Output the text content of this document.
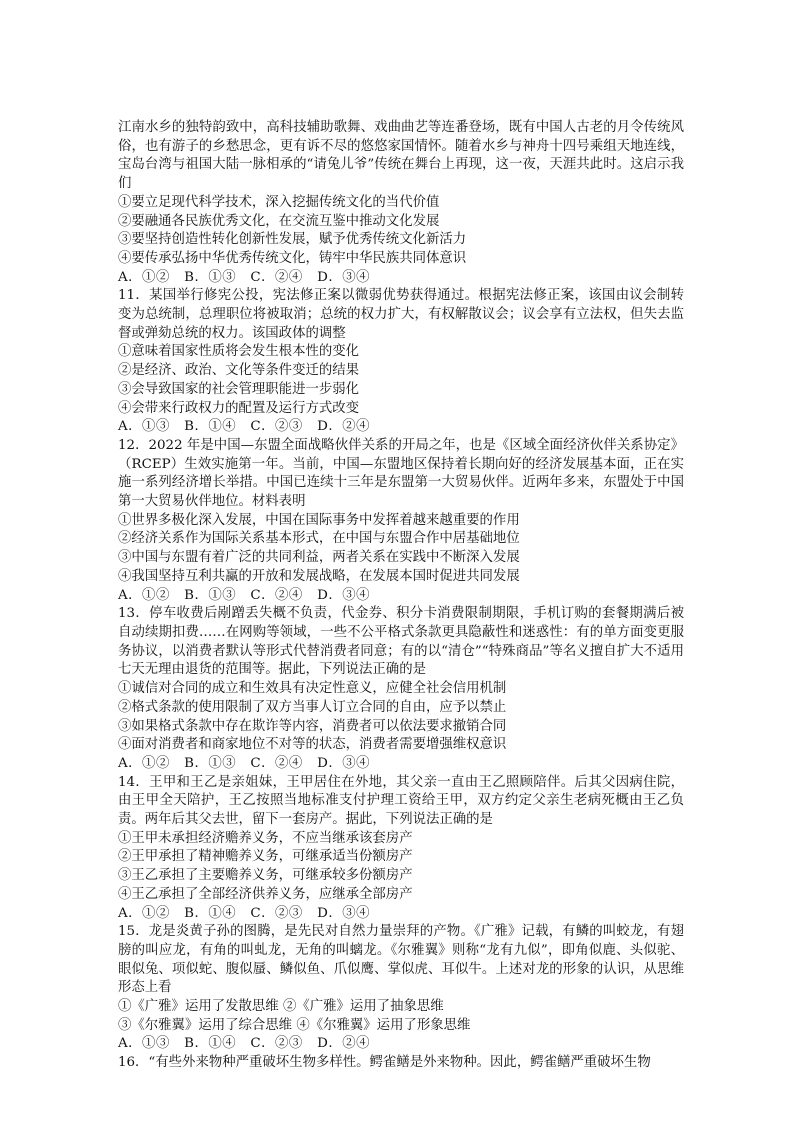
江南水乡的独特韵致中，高科技辅助歌舞、戏曲曲艺等连番登场，既有中国人古老的月令传统风俗，也有游子的乡愁思念，更有诉不尽的悠悠家国情怀。随着水乡与神舟十四号乘组天地连线，宝岛台湾与祖国大陆一脉相承的“请兔儿爷”传统在舞台上再现，这一夜，天涯共此时。这启示我们

①要立足现代科学技术，深入挖掘传统文化的当代价值

②要融通各民族优秀文化，在交流互鉴中推动文化发展

③要坚持创造性转化创新性发展，赋予优秀传统文化新活力

④要传承弘扬中华优秀传统文化，铸牢中华民族共同体意识

A．①②   B．①③   C．②④   D．③④

11．某国举行修宪公投，宪法修正案以微弱优势获得通过。根据宪法修正案，该国由议会制转变为总统制，总理职位将被取消；总统的权力扩大，有权解散议会；议会享有立法权，但失去监督或弹劾总统的权力。该国政体的调整

①意味着国家性质将会发生根本性的变化

②是经济、政治、文化等条件变迁的结果

③会导致国家的社会管理职能进一步弱化

④会带来行政权力的配置及运行方式改变

A．①③   B．①④   C．②③   D．②④

12．2022 年是中国—东盟全面战略伙伴关系的开局之年，也是《区域全面经济伙伴关系协定》（RCEP）生效实施第一年。当前，中国—东盟地区保持着长期向好的经济发展基本面，正在实施一系列经济增长举措。中国已连续十三年是东盟第一大贸易伙伴。近两年多来，东盟处于中国第一大贸易伙伴地位。材料表明

①世界多极化深入发展，中国在国际事务中发挥着越来越重要的作用

②经济关系作为国际关系基本形式，在中国与东盟合作中居基础地位

③中国与东盟有着广泛的共同利益，两者关系在实践中不断深入发展

④我国坚持互利共赢的开放和发展战略，在发展本国时促进共同发展

A．①②   B．①③   C．②④   D．③④

13．停车收费后剐蹭丢失概不负责，代金券、积分卡消费限制期限，手机订购的套餐期满后被自动续期扣费……在网购等领域，一些不公平格式条款更具隐蔽性和迷惑性：有的单方面变更服务协议，以消费者默认等形式代替消费者同意；有的以“清仓”“特殊商品”等名义擅自扩大不适用七天无理由退货的范围等。据此，下列说法正确的是

①诚信对合同的成立和生效具有决定性意义，应健全社会信用机制

②格式条款的使用限制了双方当事人订立合同的自由，应予以禁止

③如果格式条款中存在欺诈等内容，消费者可以依法要求撤销合同

④面对消费者和商家地位不对等的状态，消费者需要增强维权意识

A．①②   B．①③   C．②④   D．③④

14．王甲和王乙是亲姐妹，王甲居住在外地，其父亲一直由王乙照顾陪伴。后其父因病住院，由王甲全天陪护，王乙按照当地标准支付护理工资给王甲，双方约定父亲生老病死概由王乙负责。两年后其父去世，留下一套房产。据此，下列说法正确的是

①王甲未承担经济赡养义务，不应当继承该套房产

②王甲承担了精神赡养义务，可继承适当份额房产

③王乙承担了主要赡养义务，可继承较多份额房产

④王乙承担了全部经济供养义务，应继承全部房产

A．①②   B．①④   C．②③   D．③④

15．龙是炎黄子孙的图腾，是先民对自然力量崇拜的产物。《广雅》记载，有鳞的叫蛟龙，有翅膀的叫应龙，有角的叫虬龙，无角的叫螭龙。《尔雅翼》则称“龙有九似”，即角似鹿、头似驼、眼似兔、项似蛇、腹似蜃、鳞似鱼、爪似鹰、掌似虎、耳似牛。上述对龙的形象的认识，从思维形态上看

①《广雅》运用了发散思维 ②《广雅》运用了抽象思维

③《尔雅翼》运用了综合思维 ④《尔雅翼》运用了形象思维

A．①③   B．①④   C．②③   D．②④

16．“有些外来物种严重破坏生物多样性。鳄雀鳝是外来物种。因此，鳄雀鳝严重破坏生物
